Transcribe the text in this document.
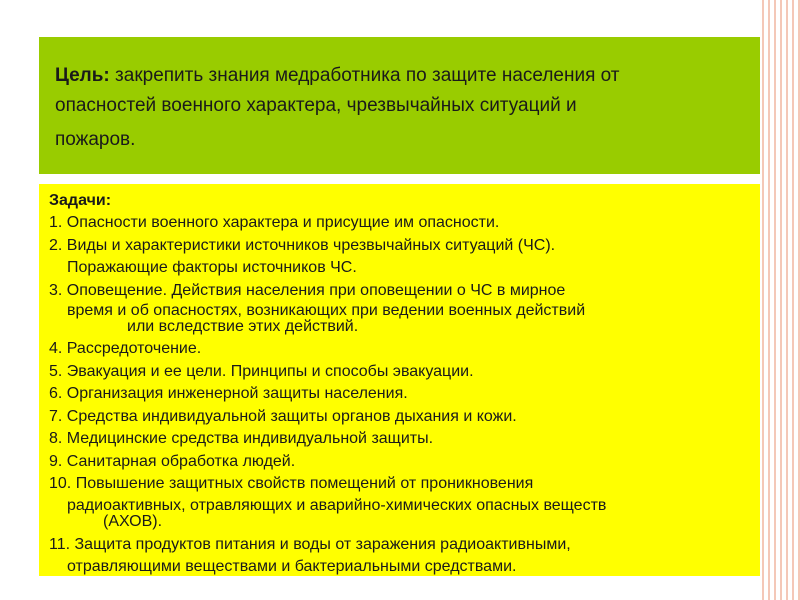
Цель: закрепить знания медработника по защите населения от
опасностей военного характера, чрезвычайных ситуаций и
пожаров.
Задачи:
1. Опасности военного характера и присущие им опасности.
2. Виды и характеристики источников чрезвычайных ситуаций (ЧС).
Поражающие факторы источников ЧС.
3. Оповещение. Действия населения при оповещении о ЧС в мирное
время и об опасностях, возникающих при ведении военных действий
или вследствие этих действий.
4. Рассредоточение.
5. Эвакуация и ее цели. Принципы и способы эвакуации.
6. Организация инженерной защиты населения.
7. Средства индивидуальной защиты органов дыхания и кожи.
8. Медицинские средства индивидуальной защиты.
9. Санитарная обработка людей.
10. Повышение защитных свойств помещений от проникновения
радиоактивных, отравляющих и аварийно-химических опасных веществ
(АХОВ).
11. Защита продуктов питания и воды от заражения радиоактивными,
отравляющими веществами и бактериальными средствами.
